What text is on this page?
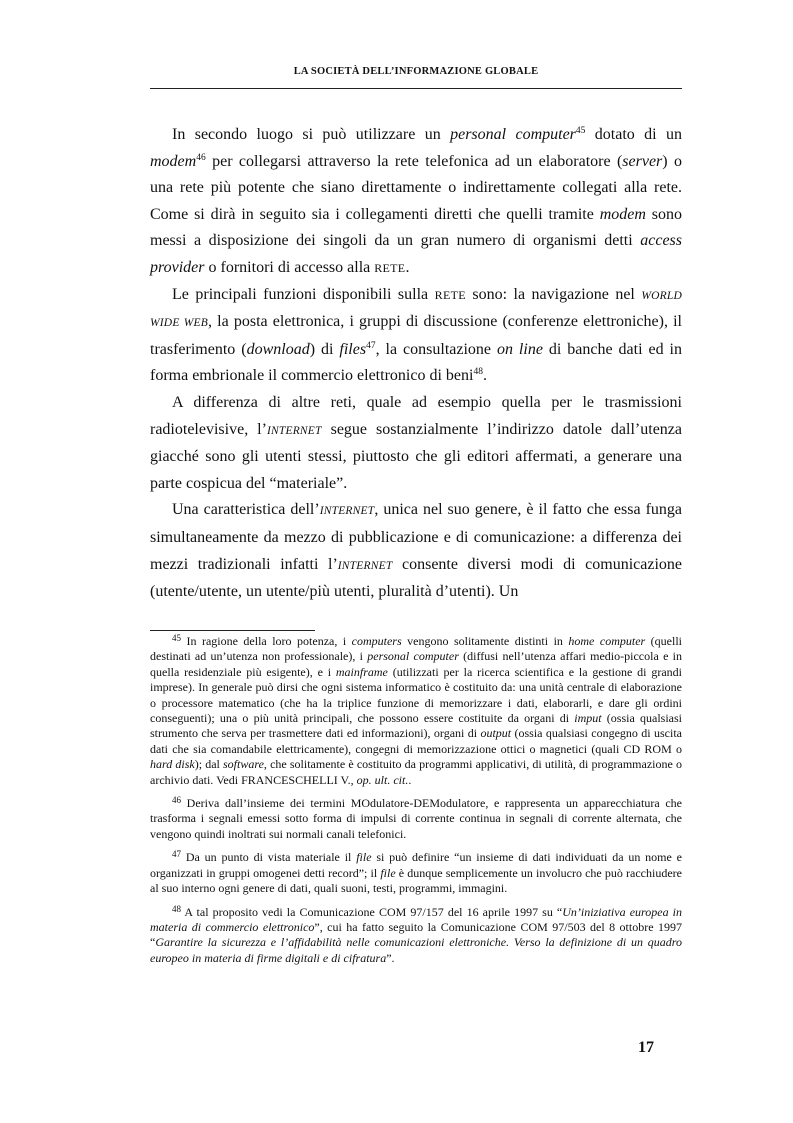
LA SOCIETÀ DELL’INFORMAZIONE GLOBALE

In secondo luogo si può utilizzare un personal computer$^{45}$ dotato di un modem$^{46}$ per collegarsi attraverso la rete telefonica ad un elaboratore (server) o una rete più potente che siano direttamente o indirettamente collegati alla rete. Come si dirà in seguito sia i collegamenti diretti che quelli tramite modem sono messi a disposizione dei singoli da un gran numero di organismi detti access provider o fornitori di accesso alla RETE.

Le principali funzioni disponibili sulla RETE sono: la navigazione nel WORLD WIDE WEB, la posta elettronica, i gruppi di discussione (conferenze elettroniche), il trasferimento (download) di files$^{47}$, la consultazione on line di banche dati ed in forma embrionale il commercio elettronico di beni$^{48}$.

A differenza di altre reti, quale ad esempio quella per le trasmissioni radiotelevisive, l’INTERNET segue sostanzialmente l’indirizzo datole dall’utenza giacché sono gli utenti stessi, piuttosto che gli editori affermati, a generare una parte cospicua del “materiale”.

Una caratteristica dell’INTERNET, unica nel suo genere, è il fatto che essa funga simultaneamente da mezzo di pubblicazione e di comunicazione: a differenza dei mezzi tradizionali infatti l’INTERNET consente diversi modi di comunicazione (utente/utente, un utente/più utenti, pluralità d’utenti). Un

$^{45}$ In ragione della loro potenza, i computers vengono solitamente distinti in home computer (quelli destinati ad un’utenza non professionale), i personal computer (diffusi nell’utenza affari medio-piccola e in quella residenziale più esigente), e i mainframe (utilizzati per la ricerca scientifica e la gestione di grandi imprese). In generale può dirsi che ogni sistema informatico è costituito da: una unità centrale di elaborazione o processore matematico (che ha la triplice funzione di memorizzare i dati, elaborarli, e dare gli ordini conseguenti); una o più unità principali, che possono essere costituite da organi di imput (ossia qualsiasi strumento che serva per trasmettere dati ed informazioni), organi di output (ossia qualsiasi congegno di uscita dati che sia comandabile elettricamente), congegni di memorizzazione ottici o magnetici (quali CD ROM o hard disk); dal software, che solitamente è costituito da programmi applicativi, di utilità, di programmazione o archivio dati. Vedi FRANCESCHELLI V., op. ult. cit..

$^{46}$ Deriva dall’insieme dei termini MOdulatore-DEModulatore, e rappresenta un apparecchiatura che trasforma i segnali emessi sotto forma di impulsi di corrente continua in segnali di corrente alternata, che vengono quindi inoltrati sui normali canali telefonici.

$^{47}$ Da un punto di vista materiale il file si può definire “un insieme di dati individuati da un nome e organizzati in gruppi omogenei detti record”; il file è dunque semplicemente un involucro che può racchiudere al suo interno ogni genere di dati, quali suoni, testi, programmi, immagini.

$^{48}$ A tal proposito vedi la Comunicazione COM 97/157 del 16 aprile 1997 su “Un’iniziativa europea in materia di commercio elettronico”, cui ha fatto seguito la Comunicazione COM 97/503 del 8 ottobre 1997 “Garantire la sicurezza e l’affidabilità nelle comunicazioni elettroniche. Verso la definizione di un quadro europeo in materia di firme digitali e di cifratura”.

17
